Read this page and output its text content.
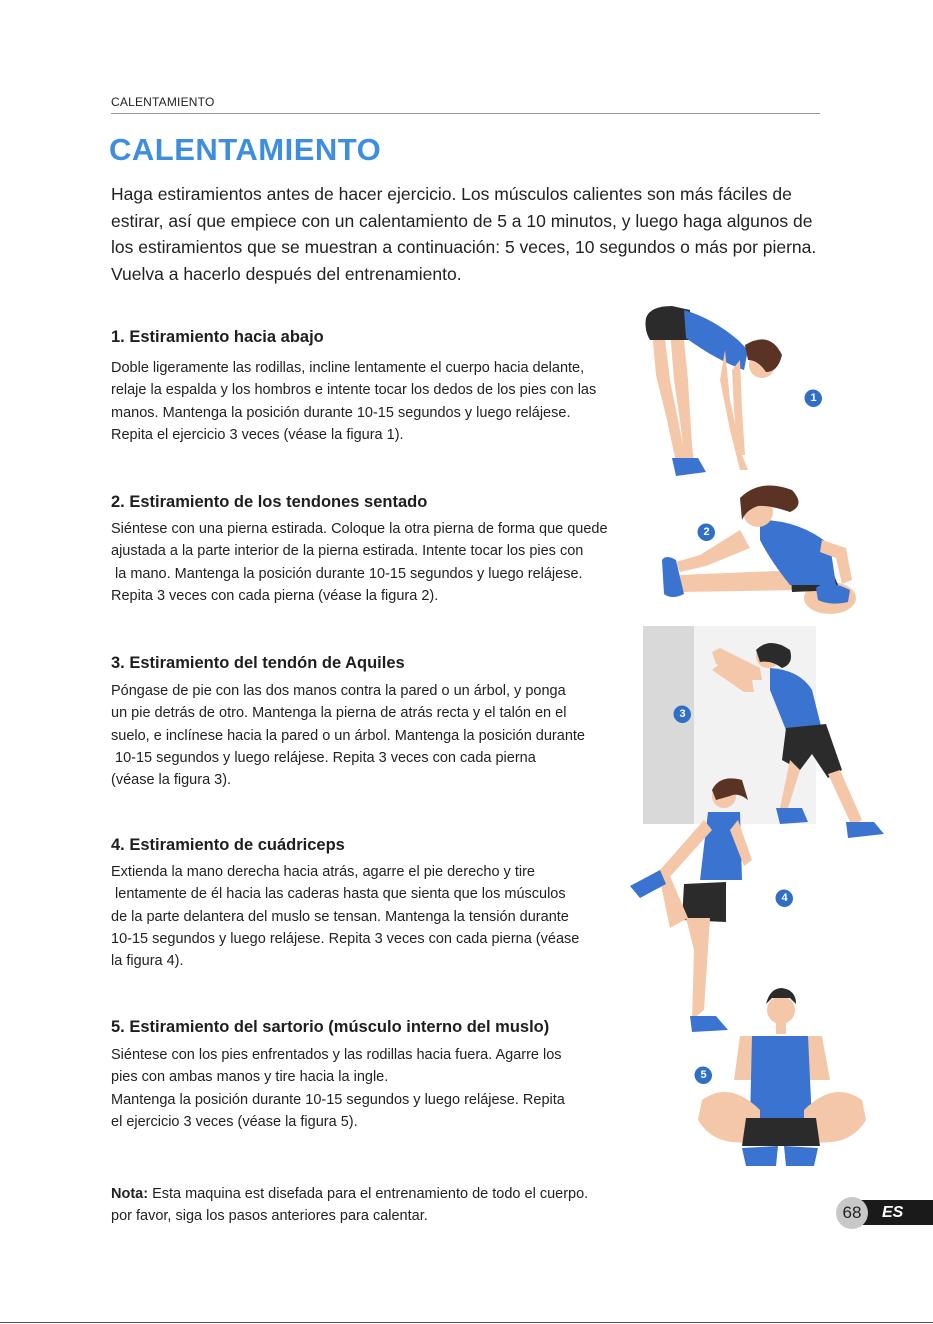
CALENTAMIENTO
CALENTAMIENTO
Haga estiramientos antes de hacer ejercicio. Los músculos calientes son más fáciles de
estirar, así que empiece con un calentamiento de 5 a 10 minutos, y luego haga algunos de
los estiramientos que se muestran a continuación: 5 veces, 10 segundos o más por pierna.
Vuelva a hacerlo después del entrenamiento.
1. Estiramiento hacia abajo
Doble ligeramente las rodillas, incline lentamente el cuerpo hacia delante,
relaje la espalda y los hombros e intente tocar los dedos de los pies con las
manos. Mantenga la posición durante 10-15 segundos y luego relájese.
Repita el ejercicio 3 veces (véase la figura 1).
2. Estiramiento de los tendones sentado
Siéntese con una pierna estirada. Coloque la otra pierna de forma que quede
ajustada a la parte interior de la pierna estirada. Intente tocar los pies con
la mano. Mantenga la posición durante 10-15 segundos y luego relájese.
Repita 3 veces con cada pierna (véase la figura 2).
3. Estiramiento del tendón de Aquiles
Póngase de pie con las dos manos contra la pared o un árbol, y ponga
un pie detrás de otro. Mantenga la pierna de atrás recta y el talón en el
suelo, e inclínese hacia la pared o un árbol. Mantenga la posición durante
10-15 segundos y luego relájese. Repita 3 veces con cada pierna
(véase la figura 3).
4. Estiramiento de cuádriceps
Extienda la mano derecha hacia atrás, agarre el pie derecho y tire
lentamente de él hacia las caderas hasta que sienta que los músculos
de la parte delantera del muslo se tensan. Mantenga la tensión durante
10-15 segundos y luego relájese. Repita 3 veces con cada pierna (véase
la figura 4).
5. Estiramiento del sartorio (músculo interno del muslo)
Siéntese con los pies enfrentados y las rodillas hacia fuera. Agarre los
pies con ambas manos y tire hacia la ingle.
Mantenga la posición durante 10-15 segundos y luego relájese. Repita
el ejercicio 3 veces (véase la figura 5).
Nota: Esta maquina est disefada para el entrenamiento de todo el cuerpo.
por favor, siga los pasos anteriores para calentar.
1
2
3
4
5
ES
68
